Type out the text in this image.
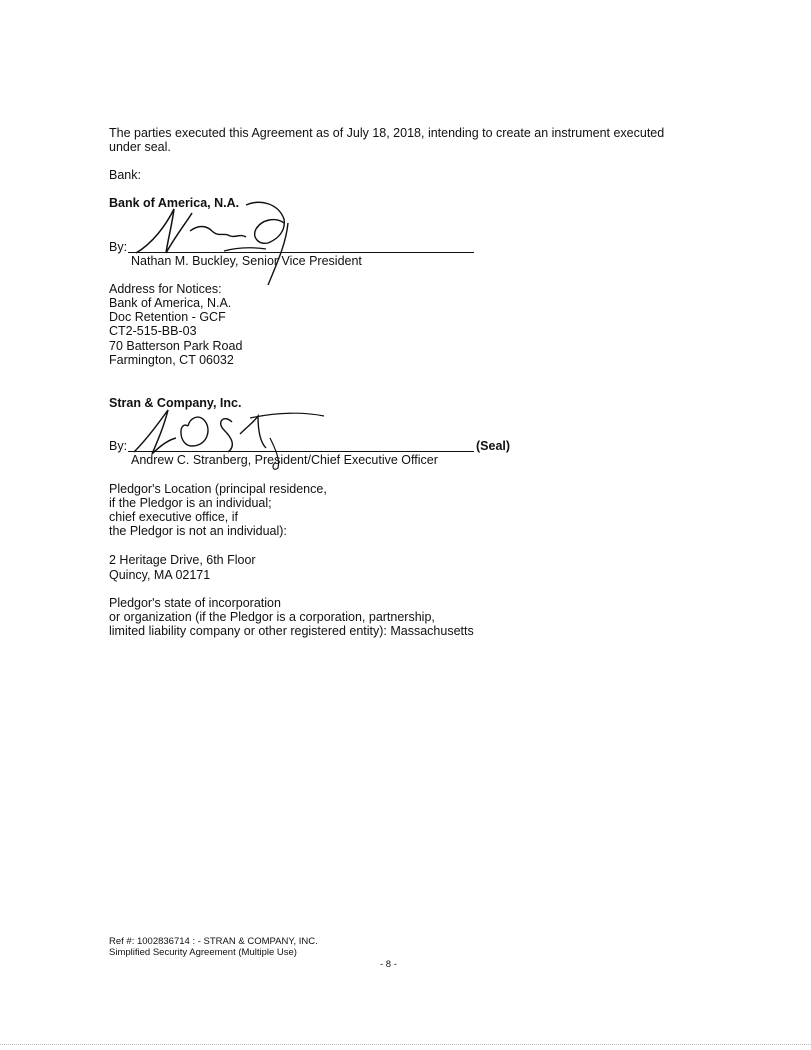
The parties executed this Agreement as of July 18, 2018, intending to create an instrument executed
under seal.
Bank:
Bank of America, N.A.
By:
Nathan M. Buckley, Senior Vice President
Address for Notices:
Bank of America, N.A.
Doc Retention - GCF
CT2-515-BB-03
70 Batterson Park Road
Farmington, CT 06032
Stran & Company, Inc.
By:	(Seal)
Andrew C. Stranberg, President/Chief Executive Officer
Pledgor's Location (principal residence,
if the Pledgor is an individual;
chief executive office, if
the Pledgor is not an individual):
2 Heritage Drive, 6th Floor
Quincy, MA 02171
Pledgor's state of incorporation
or organization (if the Pledgor is a corporation, partnership,
limited liability company or other registered entity): Massachusetts
Ref #: 1002836714 : - STRAN & COMPANY, INC.
Simplified Security Agreement (Multiple Use)
- 8 -
